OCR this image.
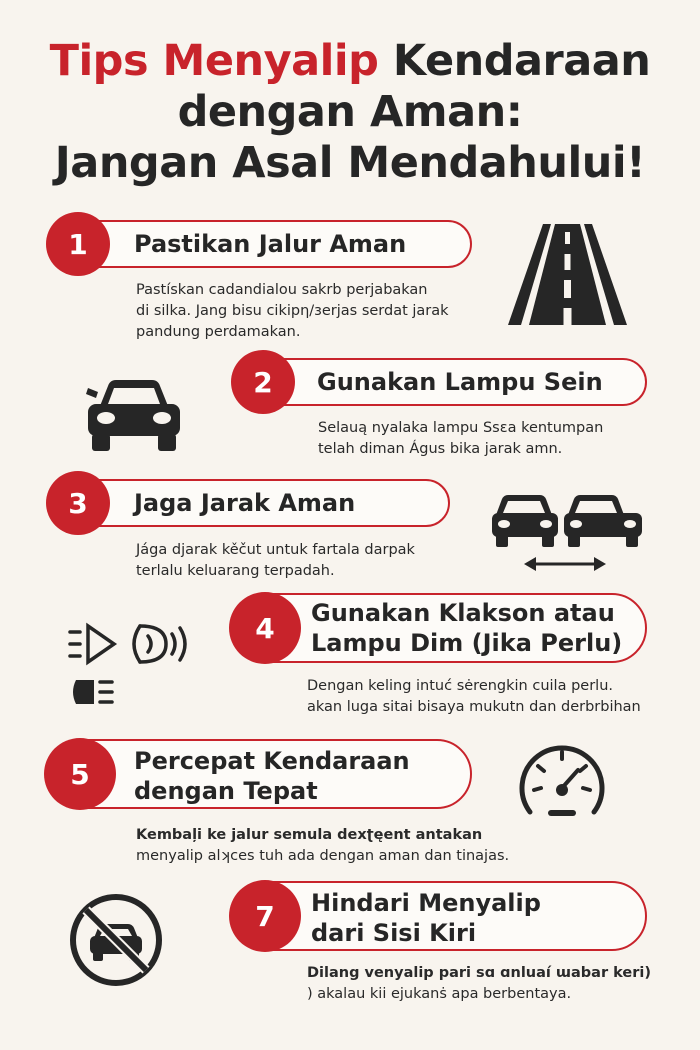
Tips Menyalip Kendaraan
dengan Aman:
Jangan Asal Mendahului!
1	Pastikan Jalur Aman
Pastískan cadandialou sakrb perjabakan
di silka. Jang bisu cikiрη/ɜerjas serdat jarak
pandung perdamakan.
2	Gunakan Lampu Sein
Selauą nyalaka lampu Ssɛa kentumpan
telah diman Águs bika jarak amn.
3	Jaga Jarak Aman
Jága djarak kěčut untuk fartala darpak
terlalu keluarang terpadah.
4	Gunakan Klakson atau
Lampu Dim (Jika Perlu)
Dengan keling intuć sėrengkin cuila perlu.
akan luga sitai bisaya mukutn dan derbrbihan
5	Percepat Kendaraan
dengan Tepat
Kembaļi ke jalur semula dexʈęent antakan
menyalip alʞces tuh ada dengan aman dan tinajas.
7	Hindari Menyalip
dari Sisi Kiri
Dilang venyalip pari sɑ ɑnluaí ɯabar keri)
) akalau kii ejukanṡ apa berbentaya.
